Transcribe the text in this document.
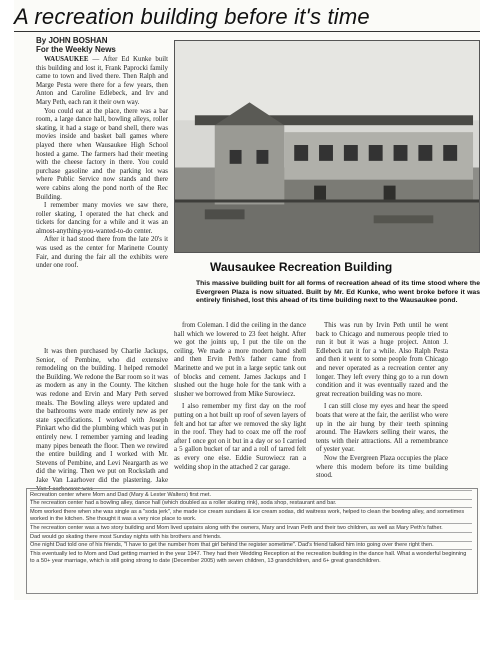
A recreation building before it's time
By JOHN BOSHAN
For the Weekly News

WAUSAUKEE — After Ed Kunke built this building and lost it, Frank Paprocki family came to town and lived there. Then Ralph and Marge Pesta were there for a few years, then Anton and Caroline Edlebeck, and Irv and Mary Peth, each ran it their own way.

You could eat at the place, there was a bar room, a large dance hall, bowling alleys, roller skating, it had a stage or band shell, there was movies inside and basket ball games where played there when Wausaukee High School hosted a game. The farmers had their meeting with the cheese factory in there. You could purchase gasoline and the parking lot was where Public Service now stands and there were cabins along the pond north of the Rec Building.

I remember many movies we saw there, roller skating, I operated the hat check and tickets for dancing for a while and it was an almost-anything-you-wanted-to-do center.

After it had stood there from the late 20's it was used as the center for Marinette County Fair, and during the fair all the exhibits were under one roof.

It was then purchased by Charlie Jackups, Senior, of Pembine, who did extensive remodeling on the building. I helped remodel the Building. We redone the Bar room so it was as modern as any in the County. The kitchen was redone and Ervin and Mary Peth served meals. The Bowling alleys were updated and the bathrooms were made entirely new as per state specifications. I worked with Joseph Pinkart who did the plumbing which was put in entirely new. I remember yarning and leading many pipes beneath the floor. Then we rewired the entire building and I worked with Mr. Stevens of Pembine, and Levi Neargarth as we did the wiring. Then we put on Rockslath and Jake Van Laarhover did the plastering. Jake Van Laarhoover was

Wausaukee Recreation Building
This massive building built for all forms of recreation ahead of its time stood where the Evergreen Plaza is now situated. Built by Mr. Ed Kunke, who went broke before it was entirely finished, lost this ahead of its time building next to the Wausaukee pond.

from Coleman. I did the ceiling in the dance hall which we lowered to 23 feet height. After we got the joints up, I put the tile on the ceiling. We made a more modern band shell and then Ervin Peth's father came from Marinette and we put in a large septic tank out of blocks and cement. James Jackups and I slushed out the huge hole for the tank with a slusher we borrowed from Mike Surowiecz.

I also remember my first day on the roof putting on a hot built up roof of seven layers of felt and hot tar after we removed the sky light in the roof. They had to coax me off the roof after I once got on it but in a day or so I carried a 5 gallon bucket of tar and a roll of tarred felt as every one else. Eddie Surowiecz ran a welding shop in the attached 2 car garage.

This was run by Irvin Peth until he went back to Chicago and numerous people tried to run it but it was a huge project. Anton J. Edlebeck ran it for a while. Also Ralph Pesta and then it went to some people from Chicago and never operated as a recreation center any longer. They left every thing go to a run down condition and it was eventually razed and the great recreation building was no more.

I can still close my eyes and hear the speed boats that were at the fair, the aerilist who were up in the air hung by their teeth spinning around. The Hawkers selling their wares, the tents with their attractions. All a remembrance of yester year.

Now the Evergreen Plaza occupies the place where this modern before its time building stood.

Recreation center where Mom and Dad (Mary & Lester Walters) first met.
The recreation center had a bowling alley, dance hall (which doubled as a roller skating rink), soda shop, restaurant and bar.
Mom worked there when she was single as a "soda jerk", she made ice cream sundaes & ice cream sodas, did waitress work, helped to clean the bowling alley, and sometimes worked in the kitchen. She thought it was a very nice place to work.
The recreation center was a two story building and Mom lived upstairs along with the owners, Mary and Irvan Peth and their two children, as well as Mary Peth's father.
Dad would go skating there most Sunday nights with his brothers and friends.
One night Dad told one of his friends, "I have to get the number from that girl behind the register sometime". Dad's friend talked him into going over there right then.
This eventually led to Mom and Dad getting married in the year 1947. They had their Wedding Reception at the recreation building in the dance hall. What a wonderful beginning to a 50+ year marriage, which is still going strong to date (December 2005) with seven children, 13 grandchildren, and 6+ great grandchildren.
